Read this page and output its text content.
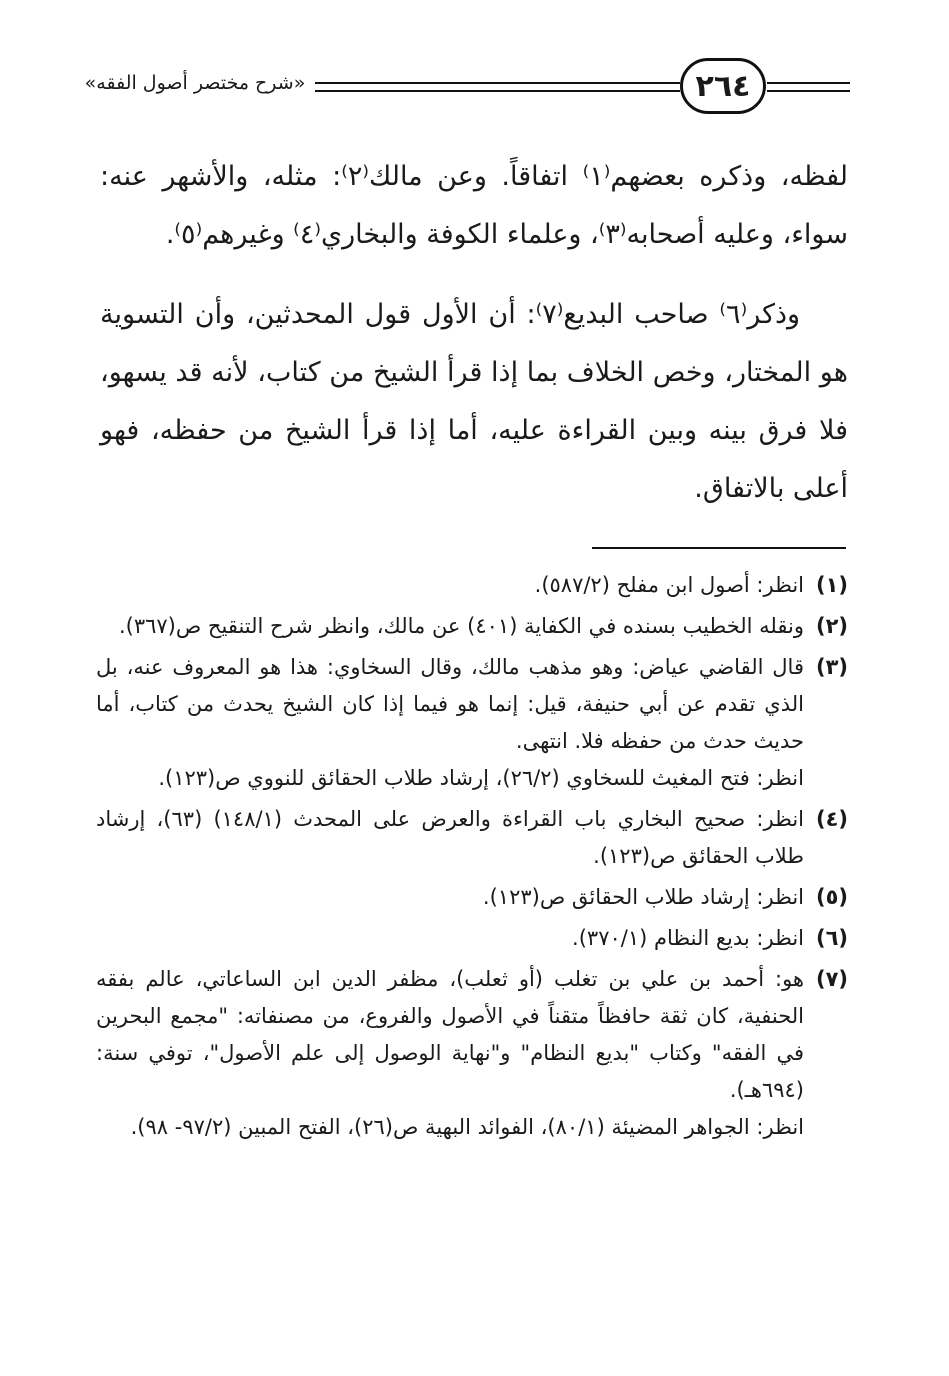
«شرح مختصر أصول الفقه»	٢٦٤

لفظه، وذكره بعضهم⁽١⁾ اتفاقاً. وعن مالك⁽٢⁾: مثله، والأشهر عنه: سواء، وعليه أصحابه⁽٣⁾، وعلماء الكوفة والبخاري⁽٤⁾ وغيرهم⁽٥⁾.

وذكر⁽٦⁾ صاحب البديع⁽٧⁾: أن الأول قول المحدثين، وأن التسوية هو المختار، وخص الخلاف بما إذا قرأ الشيخ من كتاب، لأنه قد يسهو، فلا فرق بينه وبين القراءة عليه، أما إذا قرأ الشيخ من حفظه، فهو أعلى بالاتفاق.

(١)
انظر: أصول ابن مفلح (٥٨٧/٢).
(٢)
ونقله الخطيب بسنده في الكفاية (٤٠١) عن مالك، وانظر شرح التنقيح ص(٣٦٧).
(٣)
قال القاضي عياض: وهو مذهب مالك، وقال السخاوي: هذا هو المعروف عنه، بل الذي تقدم عن أبي حنيفة، قيل: إنما هو فيما إذا كان الشيخ يحدث من كتاب، أما حديث حدث من حفظه فلا. انتهى.
انظر: فتح المغيث للسخاوي (٢٦/٢)، إرشاد طلاب الحقائق للنووي ص(١٢٣).
(٤)
انظر: صحيح البخاري باب القراءة والعرض على المحدث (١٤٨/١) (٦٣)، إرشاد طلاب الحقائق ص(١٢٣).
(٥)
انظر: إرشاد طلاب الحقائق ص(١٢٣).
(٦)
انظر: بديع النظام (٣٧٠/١).
(٧)
هو: أحمد بن علي بن تغلب (أو ثعلب)، مظفر الدين ابن الساعاتي، عالم بفقه الحنفية، كان ثقة حافظاً متقناً في الأصول والفروع، من مصنفاته: "مجمع البحرين في الفقه" وكتاب "بديع النظام" و"نهاية الوصول إلى علم الأصول"، توفي سنة: (٦٩٤هـ).
انظر: الجواهر المضيئة (٨٠/١)، الفوائد البهية ص(٢٦)، الفتح المبين (٩٧/٢- ٩٨).
